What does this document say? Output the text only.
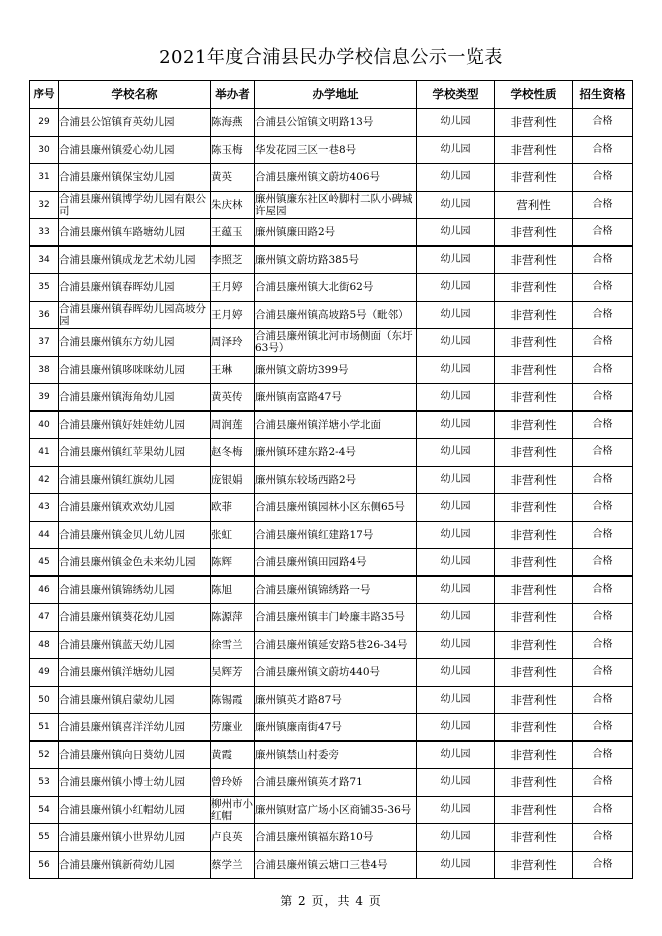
2021年度合浦县民办学校信息公示一览表
序号	学校名称	举办者	办学地址	学校类型	学校性质	招生资格
29	合浦县公馆镇育英幼儿园	陈海燕	合浦县公馆镇文明路13号	幼儿园	非营利性	合格
30	合浦县廉州镇爱心幼儿园	陈玉梅	华发花园三区一巷8号	幼儿园	非营利性	合格
31	合浦县廉州镇保宝幼儿园	黄英	合浦县廉州镇文蔚坊406号	幼儿园	非营利性	合格
32	合浦县廉州镇博学幼儿园有限公司	朱庆林	廉州镇廉东社区岭脚村二队小碑城许屋园	幼儿园	营利性	合格
33	合浦县廉州镇车路塘幼儿园	王蕴玉	廉州镇廉田路2号	幼儿园	非营利性	合格
34	合浦县廉州镇成龙艺术幼儿园	李照芝	廉州镇文蔚坊路385号	幼儿园	非营利性	合格
35	合浦县廉州镇春晖幼儿园	王月婷	合浦县廉州镇大北街62号	幼儿园	非营利性	合格
36	合浦县廉州镇春晖幼儿园高坡分园	王月婷	合浦县廉州镇高坡路5号（毗邻）	幼儿园	非营利性	合格
37	合浦县廉州镇东方幼儿园	周泽玲	合浦县廉州镇北河市场侧面（东圩63号）	幼儿园	非营利性	合格
38	合浦县廉州镇哆咪咪幼儿园	王琳	廉州镇文蔚坊399号	幼儿园	非营利性	合格
39	合浦县廉州镇海角幼儿园	黄英传	廉州镇南富路47号	幼儿园	非营利性	合格
40	合浦县廉州镇好娃娃幼儿园	周润莲	合浦县廉州镇洋塘小学北面	幼儿园	非营利性	合格
41	合浦县廉州镇红苹果幼儿园	赵冬梅	廉州镇环建东路2-4号	幼儿园	非营利性	合格
42	合浦县廉州镇红旗幼儿园	庞银娟	廉州镇东较场西路2号	幼儿园	非营利性	合格
43	合浦县廉州镇欢欢幼儿园	欧菲	合浦县廉州镇园林小区东侧65号	幼儿园	非营利性	合格
44	合浦县廉州镇金贝儿幼儿园	张虹	合浦县廉州镇红建路17号	幼儿园	非营利性	合格
45	合浦县廉州镇金色未来幼儿园	陈辉	合浦县廉州镇田园路4号	幼儿园	非营利性	合格
46	合浦县廉州镇锦绣幼儿园	陈旭	合浦县廉州镇锦绣路一号	幼儿园	非营利性	合格
47	合浦县廉州镇葵花幼儿园	陈源萍	合浦县廉州镇丰门岭廉丰路35号	幼儿园	非营利性	合格
48	合浦县廉州镇蓝天幼儿园	徐雪兰	合浦县廉州镇延安路5巷26-34号	幼儿园	非营利性	合格
49	合浦县廉州镇洋塘幼儿园	吴辉芳	合浦县廉州镇文蔚坊440号	幼儿园	非营利性	合格
50	合浦县廉州镇启蒙幼儿园	陈锡霞	廉州镇英才路87号	幼儿园	非营利性	合格
51	合浦县廉州镇喜洋洋幼儿园	劳廉业	廉州镇廉南街47号	幼儿园	非营利性	合格
52	合浦县廉州镇向日葵幼儿园	黄霞	廉州镇禁山村委旁	幼儿园	非营利性	合格
53	合浦县廉州镇小博士幼儿园	曾玲娇	合浦县廉州镇英才路71	幼儿园	非营利性	合格
54	合浦县廉州镇小红帽幼儿园	柳州市小红帽	廉州镇财富广场小区商铺35-36号	幼儿园	非营利性	合格
55	合浦县廉州镇小世界幼儿园	卢良英	合浦县廉州镇福东路10号	幼儿园	非营利性	合格
56	合浦县廉州镇新荷幼儿园	蔡学兰	合浦县廉州镇云塘口三巷4号	幼儿园	非营利性	合格
第 2 页，共 4 页
